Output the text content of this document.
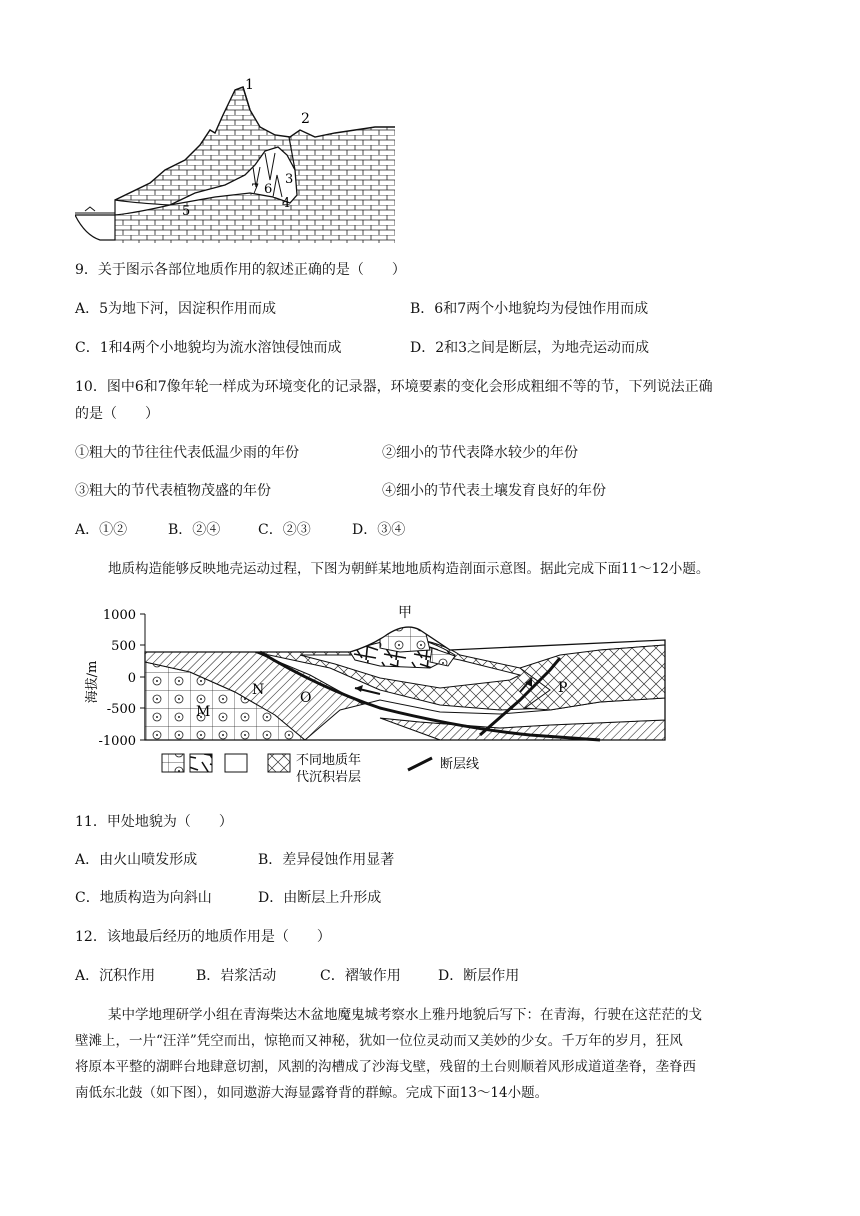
1
2
3
4
5
6
7
9．关于图示各部位地质作用的叙述正确的是（　　）
A．5为地下河，因淀积作用而成	B．6和7两个小地貌均为侵蚀作用而成
C．1和4两个小地貌均为流水溶蚀侵蚀而成	D．2和3之间是断层，为地壳运动而成
10．图中6和7像年轮一样成为环境变化的记录器，环境要素的变化会形成粗细不等的节，下列说法正确
的是（　　）
①粗大的节往往代表低温少雨的年份	②细小的节代表降水较少的年份
③粗大的节代表植物茂盛的年份	④细小的节代表土壤发育良好的年份
A．①②	B．②④	C．②③	D．③④
地质构造能够反映地壳运动过程，下图为朝鲜某地地质构造剖面示意图。据此完成下面11～12小题。
1000
500
0
-500
-1000
海拔/m
甲
M
N	O
P
不同地质年
代沉积岩层
断层线
11．甲处地貌为（　　）
A．由火山喷发形成	B．差异侵蚀作用显著
C．地质构造为向斜山	D．由断层上升形成
12．该地最后经历的地质作用是（　　）
A．沉积作用	B．岩浆活动	C．褶皱作用	D．断层作用
某中学地理研学小组在青海柴达木盆地魔鬼城考察水上雅丹地貌后写下：在青海，行驶在这茫茫的戈
壁滩上，一片“汪洋”凭空而出，惊艳而又神秘，犹如一位位灵动而又美妙的少女。千万年的岁月，狂风
将原本平整的湖畔台地肆意切割，风割的沟槽成了沙海戈壁，残留的土台则顺着风形成道道垄脊，垄脊西
南低东北鼓（如下图），如同遨游大海显露脊背的群鲸。完成下面13～14小题。
